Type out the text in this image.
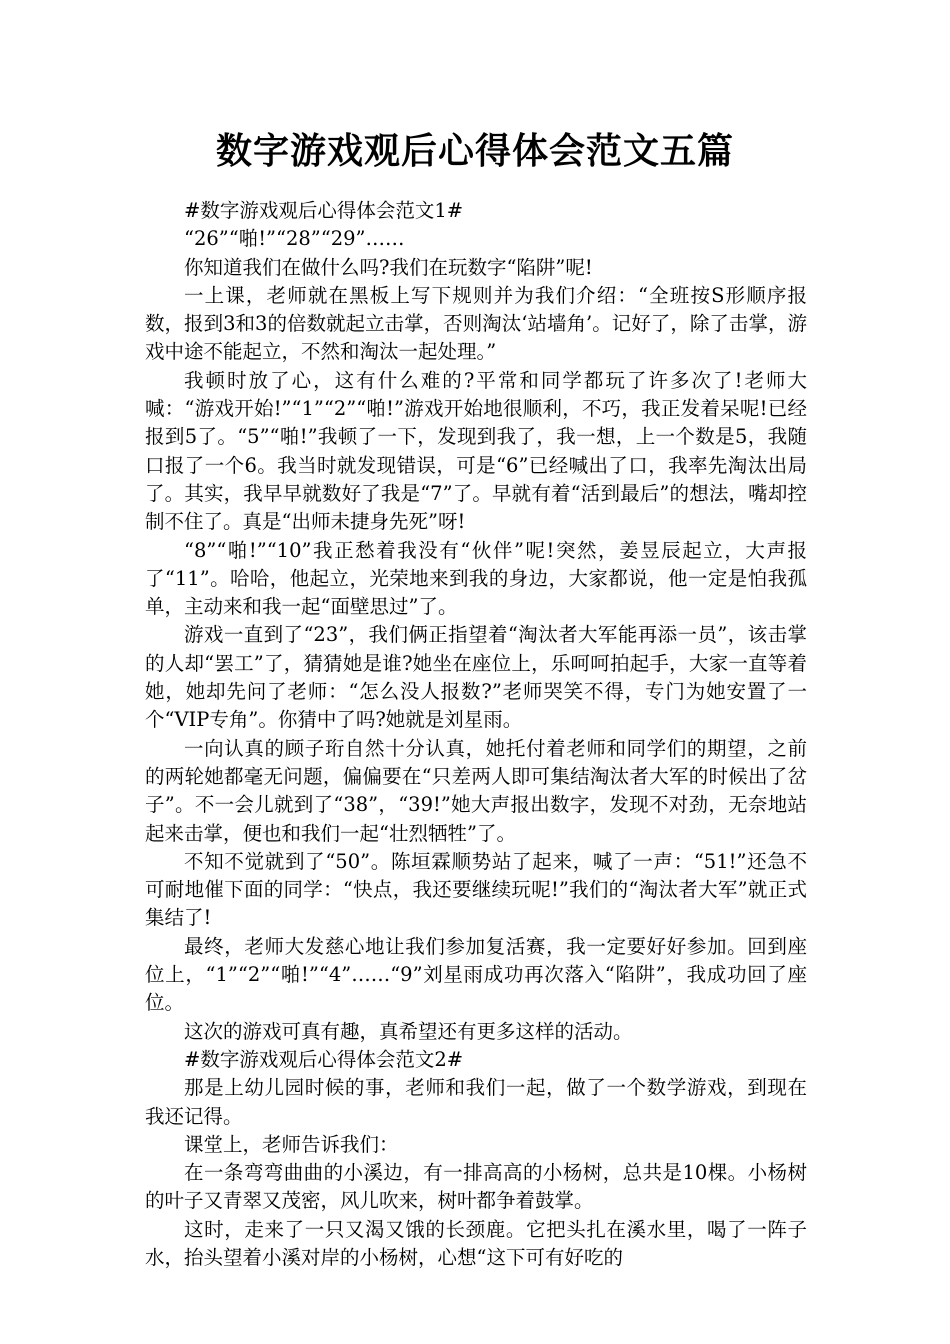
数字游戏观后心得体会范文五篇

#数字游戏观后心得体会范文1#

“26”“啪!”“28”“29”……

你知道我们在做什么吗?我们在玩数字“陷阱”呢!

一上课，老师就在黑板上写下规则并为我们介绍：“全班按S形顺序报数，报到3和3的倍数就起立击掌，否则淘汰‘站墙角’。记好了，除了击掌，游戏中途不能起立，不然和淘汰一起处理。”

我顿时放了心，这有什么难的?平常和同学都玩了许多次了!老师大喊：“游戏开始!”“1”“2”“啪!”游戏开始地很顺利，不巧，我正发着呆呢!已经报到5了。“5”“啪!”我顿了一下，发现到我了，我一想，上一个数是5，我随口报了一个6。我当时就发现错误，可是“6”已经喊出了口，我率先淘汰出局了。其实，我早早就数好了我是“7”了。早就有着“活到最后”的想法，嘴却控制不住了。真是“出师未捷身先死”呀!

“8”“啪!”“10”我正愁着我没有“伙伴”呢!突然，姜昱辰起立，大声报了“11”。哈哈，他起立，光荣地来到我的身边，大家都说，他一定是怕我孤单，主动来和我一起“面壁思过”了。

游戏一直到了“23”，我们俩正指望着“淘汰者大军能再添一员”，该击掌的人却“罢工”了，猜猜她是谁?她坐在座位上，乐呵呵拍起手，大家一直等着她，她却先问了老师：“怎么没人报数?”老师哭笑不得，专门为她安置了一个“VIP专角”。你猜中了吗?她就是刘星雨。

一向认真的顾子珩自然十分认真，她托付着老师和同学们的期望，之前的两轮她都毫无问题，偏偏要在“只差两人即可集结淘汰者大军的时候出了岔子”。不一会儿就到了“38”，“39!”她大声报出数字，发现不对劲，无奈地站起来击掌，便也和我们一起“壮烈牺牲”了。

不知不觉就到了“50”。陈垣霖顺势站了起来，喊了一声：“51!”还急不可耐地催下面的同学：“快点，我还要继续玩呢!”我们的“淘汰者大军”就正式集结了!

最终，老师大发慈心地让我们参加复活赛，我一定要好好参加。回到座位上，“1”“2”“啪!”“4”……“9”刘星雨成功再次落入“陷阱”，我成功回了座位。

这次的游戏可真有趣，真希望还有更多这样的活动。

#数字游戏观后心得体会范文2#

那是上幼儿园时候的事，老师和我们一起，做了一个数学游戏，到现在我还记得。

课堂上，老师告诉我们：

在一条弯弯曲曲的小溪边，有一排高高的小杨树，总共是10棵。小杨树的叶子又青翠又茂密，风儿吹来，树叶都争着鼓掌。

这时，走来了一只又渴又饿的长颈鹿。它把头扎在溪水里，喝了一阵子水，抬头望着小溪对岸的小杨树，心想“这下可有好吃的
